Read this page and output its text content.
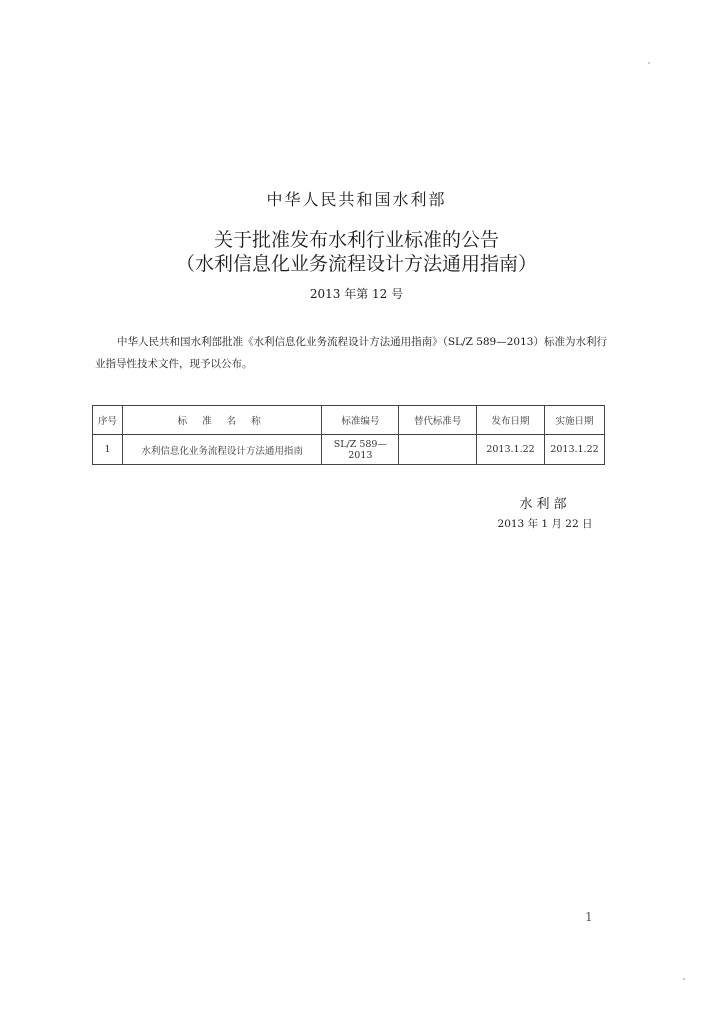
中华人民共和国水利部
关于批准发布水利行业标准的公告
（水利信息化业务流程设计方法通用指南）
2013 年第 12 号
中华人民共和国水利部批准《水利信息化业务流程设计方法通用指南》（SL/Z 589—2013）标准为水利行业指导性技术文件，现予以公布。
序号	标 准 名 称	标准编号	替代标准号	发布日期	实施日期
1	水利信息化业务流程设计方法通用指南	SL/Z 589—2013		2013.1.22	2013.1.22
水利部
2013 年 1 月 22 日
1
